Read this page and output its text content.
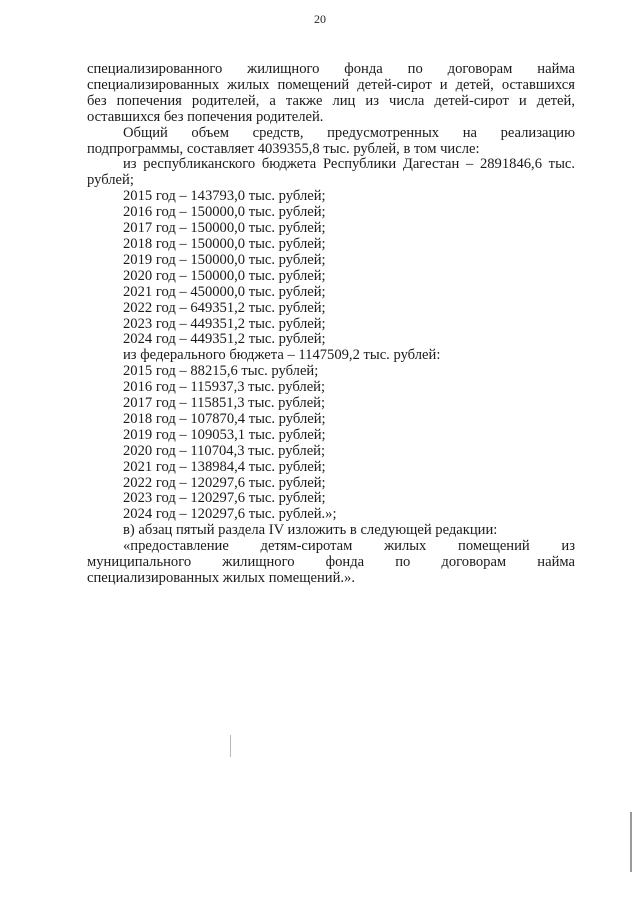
20

специализированного жилищного фонда по договорам найма

специализированных жилых помещений детей-сирот и детей, оставшихся

без попечения родителей, а также лиц из числа детей-сирот и детей,

оставшихся без попечения родителей.

Общий объем средств, предусмотренных на реализацию

подпрограммы, составляет 4039355,8 тыс. рублей, в том числе:

из республиканского бюджета Республики Дагестан – 2891846,6 тыс.

рублей;

2015 год – 143793,0 тыс. рублей;

2016 год – 150000,0 тыс. рублей;

2017 год – 150000,0 тыс. рублей;

2018 год – 150000,0 тыс. рублей;

2019 год – 150000,0 тыс. рублей;

2020 год – 150000,0 тыс. рублей;

2021 год – 450000,0 тыс. рублей;

2022 год – 649351,2 тыс. рублей;

2023 год – 449351,2 тыс. рублей;

2024 год – 449351,2 тыс. рублей;

из федерального бюджета – 1147509,2 тыс. рублей:

2015 год – 88215,6 тыс. рублей;

2016 год – 115937,3 тыс. рублей;

2017 год – 115851,3 тыс. рублей;

2018 год – 107870,4 тыс. рублей;

2019 год – 109053,1 тыс. рублей;

2020 год – 110704,3 тыс. рублей;

2021 год – 138984,4 тыс. рублей;

2022 год – 120297,6 тыс. рублей;

2023 год – 120297,6 тыс. рублей;

2024 год – 120297,6 тыс. рублей.»;

в) абзац пятый раздела IV изложить в следующей редакции:

«предоставление детям-сиротам жилых помещений из

муниципального жилищного фонда по договорам найма

специализированных жилых помещений.».
